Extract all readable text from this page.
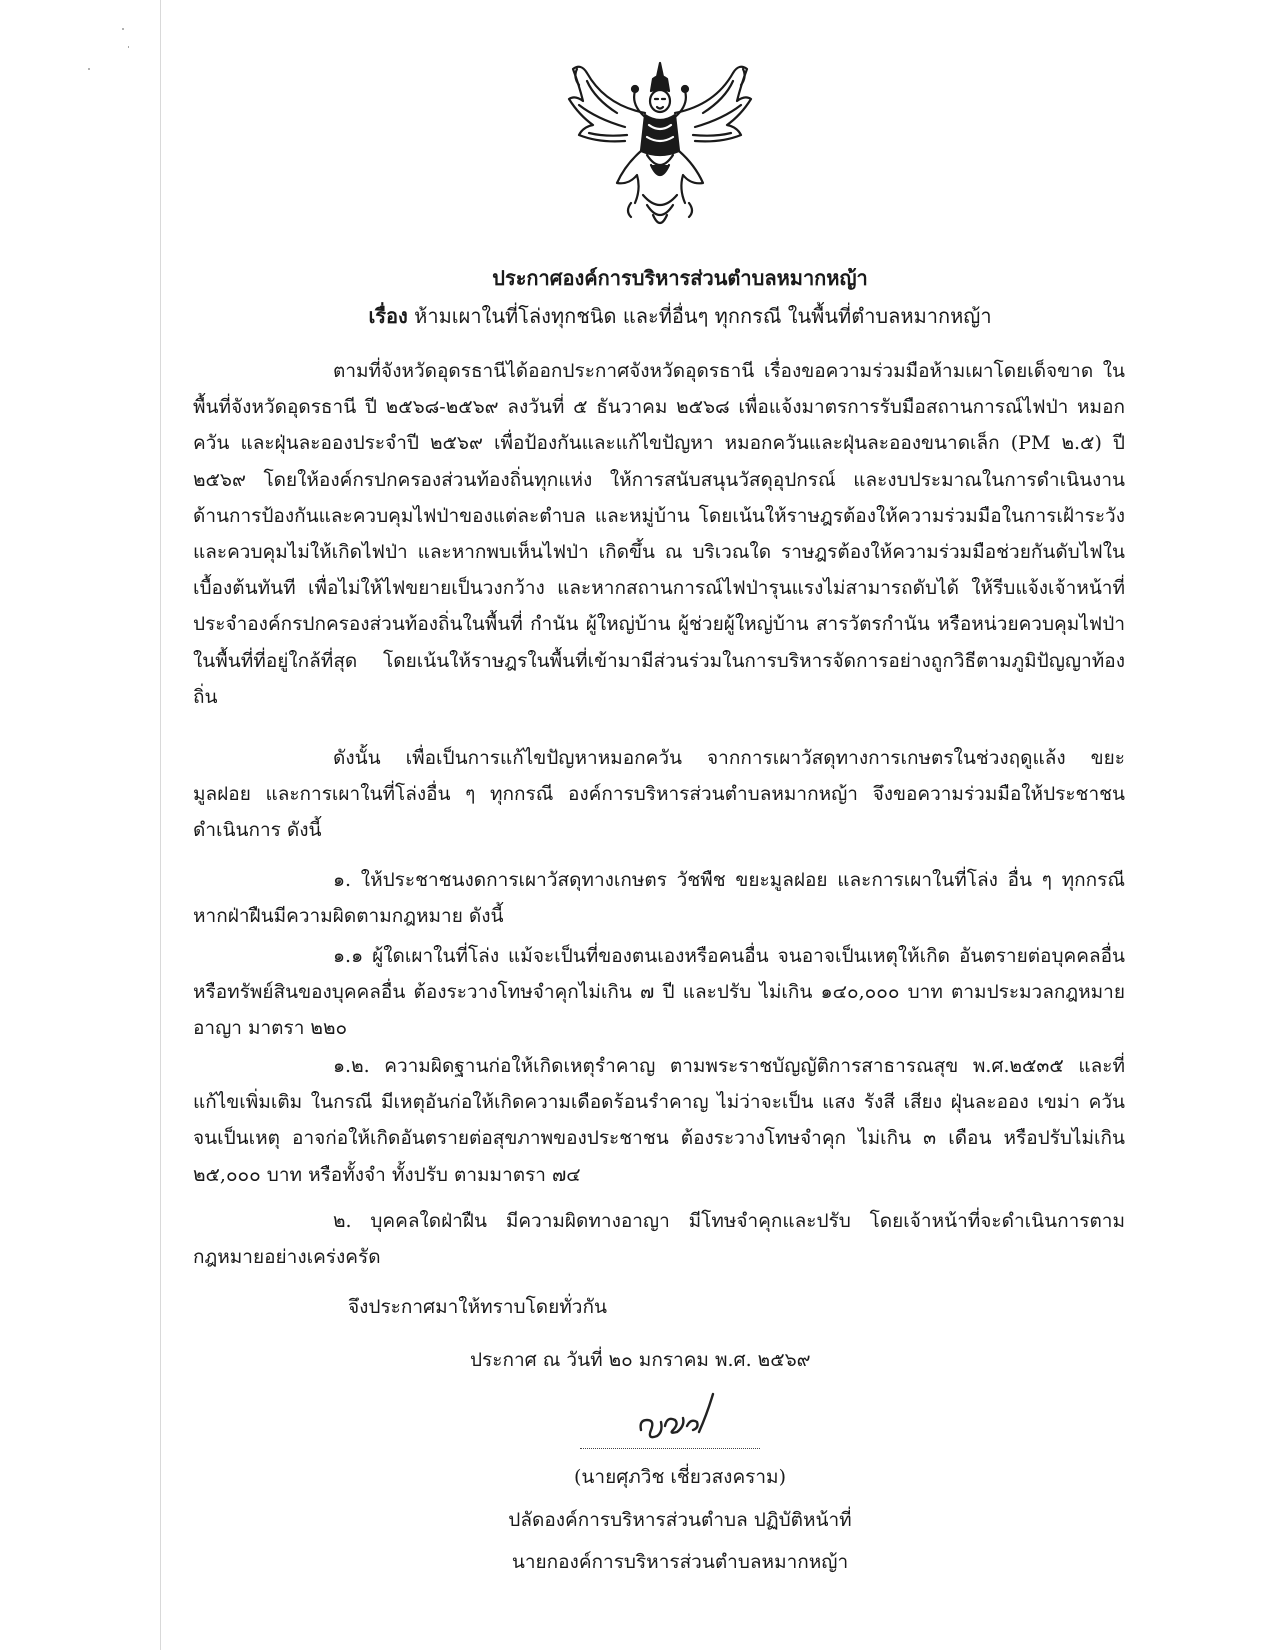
ประกาศองค์การบริหารส่วนตำบลหมากหญ้า
เรื่อง ห้ามเผาในที่โล่งทุกชนิด และที่อื่นๆ ทุกกรณี ในพื้นที่ตำบลหมากหญ้า

ตามที่จังหวัดอุดรธานีได้ออกประกาศจังหวัดอุดรธานี เรื่องขอความร่วมมือห้ามเผาโดยเด็จขาด ในพื้นที่จังหวัดอุดรธานี ปี ๒๕๖๘-๒๕๖๙ ลงวันที่ ๕ ธันวาคม ๒๕๖๘ เพื่อแจ้งมาตรการรับมือสถานการณ์ไฟป่า หมอกควัน และฝุ่นละอองประจำปี ๒๕๖๙ เพื่อป้องกันและแก้ไขปัญหา หมอกควันและฝุ่นละอองขนาดเล็ก (PM ๒.๕) ปี ๒๕๖๙ โดยให้องค์กรปกครองส่วนท้องถิ่นทุกแห่ง ให้การสนับสนุนวัสดุอุปกรณ์ และงบประมาณในการดำเนินงานด้านการป้องกันและควบคุมไฟป่าของแต่ละตำบล และหมู่บ้าน โดยเน้นให้ราษฎรต้องให้ความร่วมมือในการเฝ้าระวังและควบคุมไม่ให้เกิดไฟป่า และหากพบเห็นไฟป่า เกิดขึ้น ณ บริเวณใด ราษฎรต้องให้ความร่วมมือช่วยกันดับไฟในเบื้องต้นทันที เพื่อไม่ให้ไฟขยายเป็นวงกว้าง และหากสถานการณ์ไฟป่ารุนแรงไม่สามารถดับได้ ให้รีบแจ้งเจ้าหน้าที่ประจำองค์กรปกครองส่วนท้องถิ่นในพื้นที่ กำนัน ผู้ใหญ่บ้าน ผู้ช่วยผู้ใหญ่บ้าน สารวัตรกำนัน หรือหน่วยควบคุมไฟป่าในพื้นที่ที่อยู่ใกล้ที่สุด โดยเน้นให้ราษฎรในพื้นที่เข้ามามีส่วนร่วมในการบริหารจัดการอย่างถูกวิธีตามภูมิปัญญาท้องถิ่น

ดังนั้น เพื่อเป็นการแก้ไขปัญหาหมอกควัน จากการเผาวัสดุทางการเกษตรในช่วงฤดูแล้ง ขยะมูลฝอย และการเผาในที่โล่งอื่น ๆ ทุกกรณี องค์การบริหารส่วนตำบลหมากหญ้า จึงขอความร่วมมือให้ประชาชนดำเนินการ ดังนี้

๑. ให้ประชาชนงดการเผาวัสดุทางเกษตร วัชพืช ขยะมูลฝอย และการเผาในที่โล่ง อื่น ๆ ทุกกรณี หากฝ่าฝืนมีความผิดตามกฎหมาย ดังนี้

๑.๑ ผู้ใดเผาในที่โล่ง แม้จะเป็นที่ของตนเองหรือคนอื่น จนอาจเป็นเหตุให้เกิด อันตรายต่อบุคคลอื่น หรือทรัพย์สินของบุคคลอื่น ต้องระวางโทษจำคุกไม่เกิน ๗ ปี และปรับ ไม่เกิน ๑๔๐,๐๐๐ บาท ตามประมวลกฎหมายอาญา มาตรา ๒๒๐

๑.๒. ความผิดฐานก่อให้เกิดเหตุรำคาญ ตามพระราชบัญญัติการสาธารณสุข พ.ศ.๒๕๓๕ และที่แก้ไขเพิ่มเติม ในกรณี มีเหตุอันก่อให้เกิดความเดือดร้อนรำคาญ ไม่ว่าจะเป็น แสง รังสี เสียง ฝุ่นละออง เขม่า ควัน จนเป็นเหตุ อาจก่อให้เกิดอันตรายต่อสุขภาพของประชาชน ต้องระวางโทษจำคุก ไม่เกิน ๓ เดือน หรือปรับไม่เกิน ๒๕,๐๐๐ บาท หรือทั้งจำ ทั้งปรับ ตามมาตรา ๗๔

๒. บุคคลใดฝ่าฝืน มีความผิดทางอาญา มีโทษจำคุกและปรับ โดยเจ้าหน้าที่จะดำเนินการตามกฎหมายอย่างเคร่งครัด

จึงประกาศมาให้ทราบโดยทั่วกัน
ประกาศ ณ วันที่ ๒๐ มกราคม พ.ศ. ๒๕๖๙
(นายศุภวิช เชี่ยวสงคราม)
ปลัดองค์การบริหารส่วนตำบล ปฏิบัติหน้าที่
นายกองค์การบริหารส่วนตำบลหมากหญ้า
